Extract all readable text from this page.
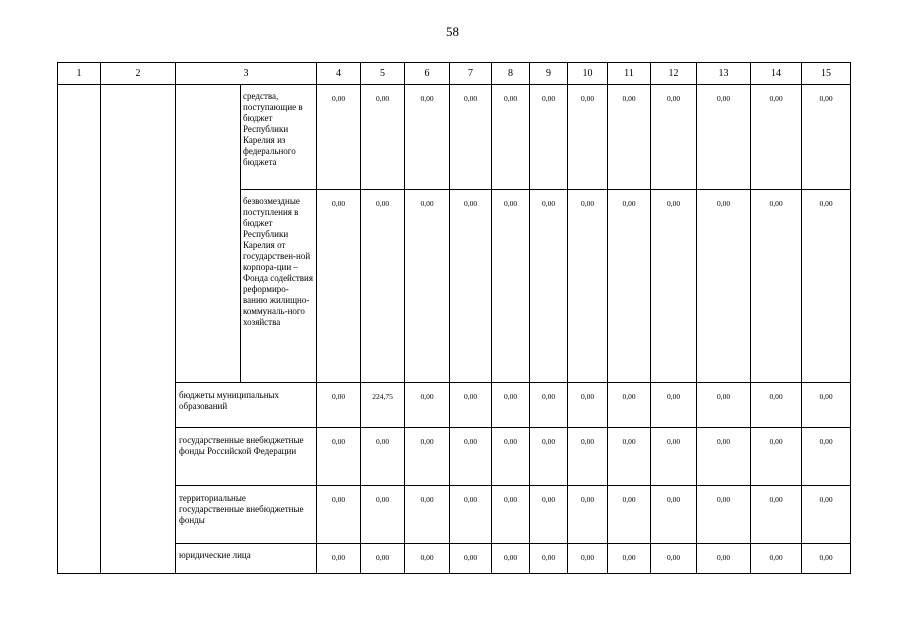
58
1	2	3		4	5	6	7	8	9	10	11	12	13	14	15
			средства, поступающие в бюджет Республики Карелия из федерального бюджета	0,00	0,00	0,00	0,00	0,00	0,00	0,00	0,00	0,00	0,00	0,00	0,00
			безвозмездные поступления в бюджет Республики Карелия от государствен-ной корпора-ции – Фонда содействия реформиро-ванию жилищно-коммуналь-ного хозяйства	0,00	0,00	0,00	0,00	0,00	0,00	0,00	0,00	0,00	0,00	0,00	0,00
		бюджеты муниципальных образований		0,00	224,75	0,00	0,00	0,00	0,00	0,00	0,00	0,00	0,00	0,00	0,00
		государственные внебюджетные фонды Российской Федерации		0,00	0,00	0,00	0,00	0,00	0,00	0,00	0,00	0,00	0,00	0,00	0,00
		территориальные государственные внебюджетные фонды		0,00	0,00	0,00	0,00	0,00	0,00	0,00	0,00	0,00	0,00	0,00	0,00
		юридические лица		0,00	0,00	0,00	0,00	0,00	0,00	0,00	0,00	0,00	0,00	0,00	0,00
